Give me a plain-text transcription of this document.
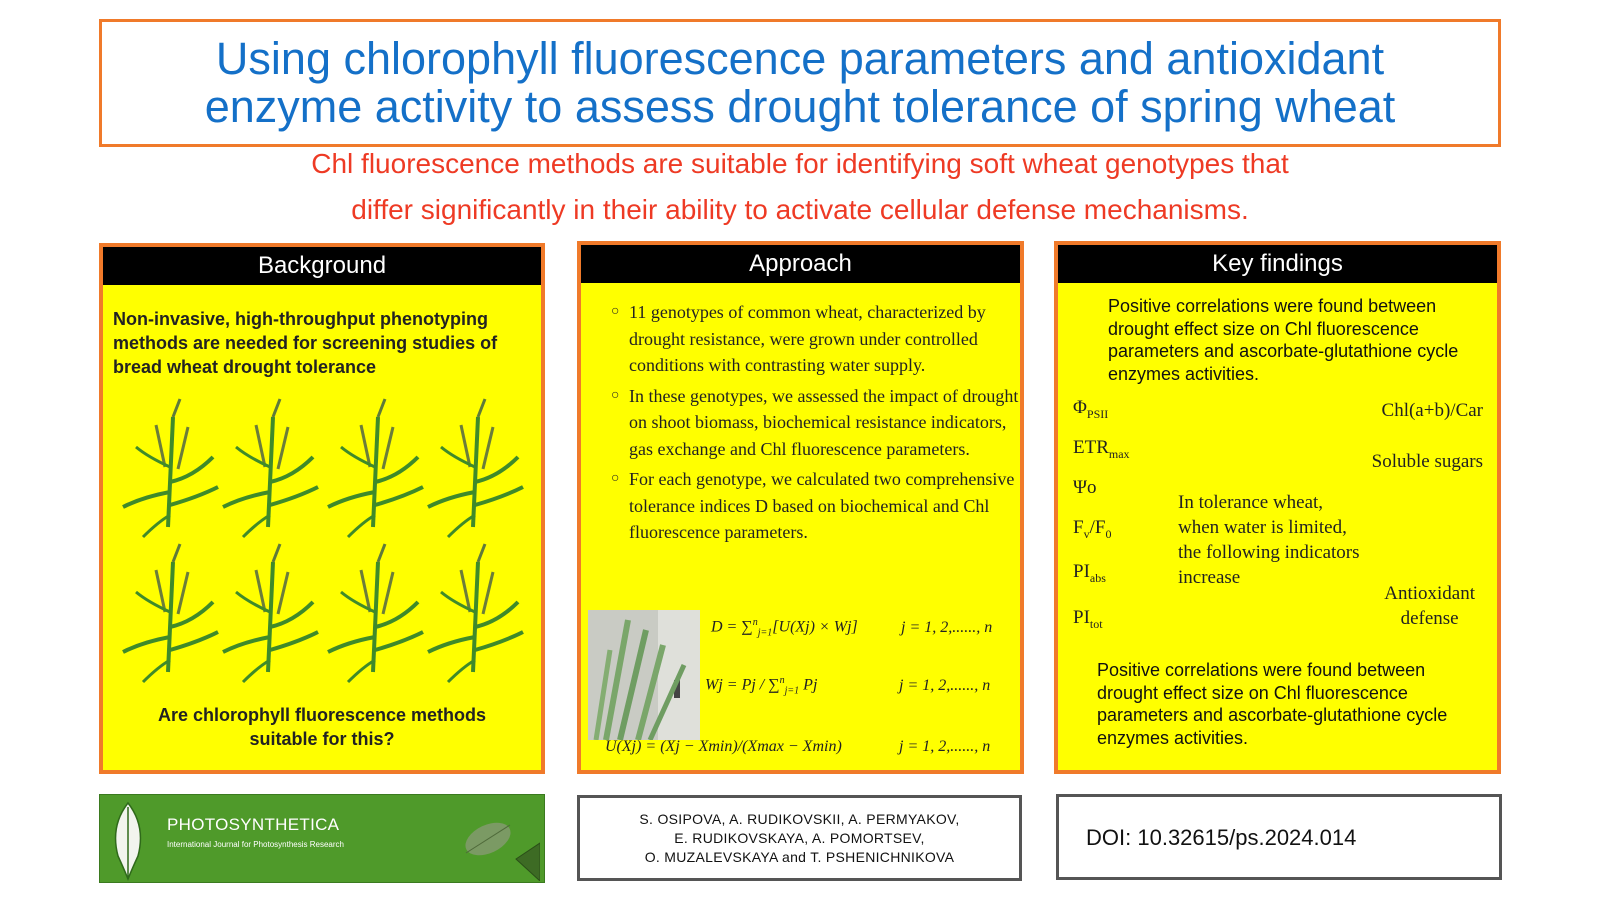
Using chlorophyll fluorescence parameters and antioxidant
enzyme activity to assess drought tolerance of spring wheat
Chl fluorescence methods are suitable for identifying soft wheat genotypes that
differ significantly in their ability to activate cellular defense mechanisms.
Background
Non-invasive, high-throughput phenotyping
methods are needed for screening studies of
bread wheat drought tolerance
Are chlorophyll fluorescence methods
suitable for this?
Approach
○ 11 genotypes of common wheat, characterized by drought resistance, were grown under controlled conditions with contrasting water supply.
○ In these genotypes, we assessed the impact of drought on shoot biomass, biochemical resistance indicators, gas exchange and Chl fluorescence parameters.
○ For each genotype, we calculated two comprehensive tolerance indices D based on biochemical and Chl fluorescence parameters.
D = ∑$^n_{j=1}$[U(Xj) × Wj]	j = 1, 2,......, n
Wj = Pj / ∑$^n_{j=1}$ Pj	j = 1, 2,......, n
U(Xj) = (Xj − Xmin)/(Xmax − Xmin)	j = 1, 2,......, n
Key findings
Positive correlations were found between drought effect size on Chl fluorescence parameters and ascorbate-glutathione cycle enzymes activities.
$\Phi_{PSII}$
$ETR_{max}$
Ψo
$F_v/F_0$
$PI_{abs}$
$PI_{tot}$
Chl(a+b)/Car
Soluble sugars
In tolerance wheat,
when water is limited,
the following indicators
increase
Antioxidant
defense
Positive correlations were found between drought effect size on Chl fluorescence parameters and ascorbate-glutathione cycle enzymes activities.
PHOTOSYNTHETICA
International Journal for Photosynthesis Research
S. OSIPOVA, A. RUDIKOVSKII, A. PERMYAKOV,
E. RUDIKOVSKAYA, A. POMORTSEV,
O. MUZALEVSKAYA and T. PSHENICHNIKOVA
DOI: 10.32615/ps.2024.014
